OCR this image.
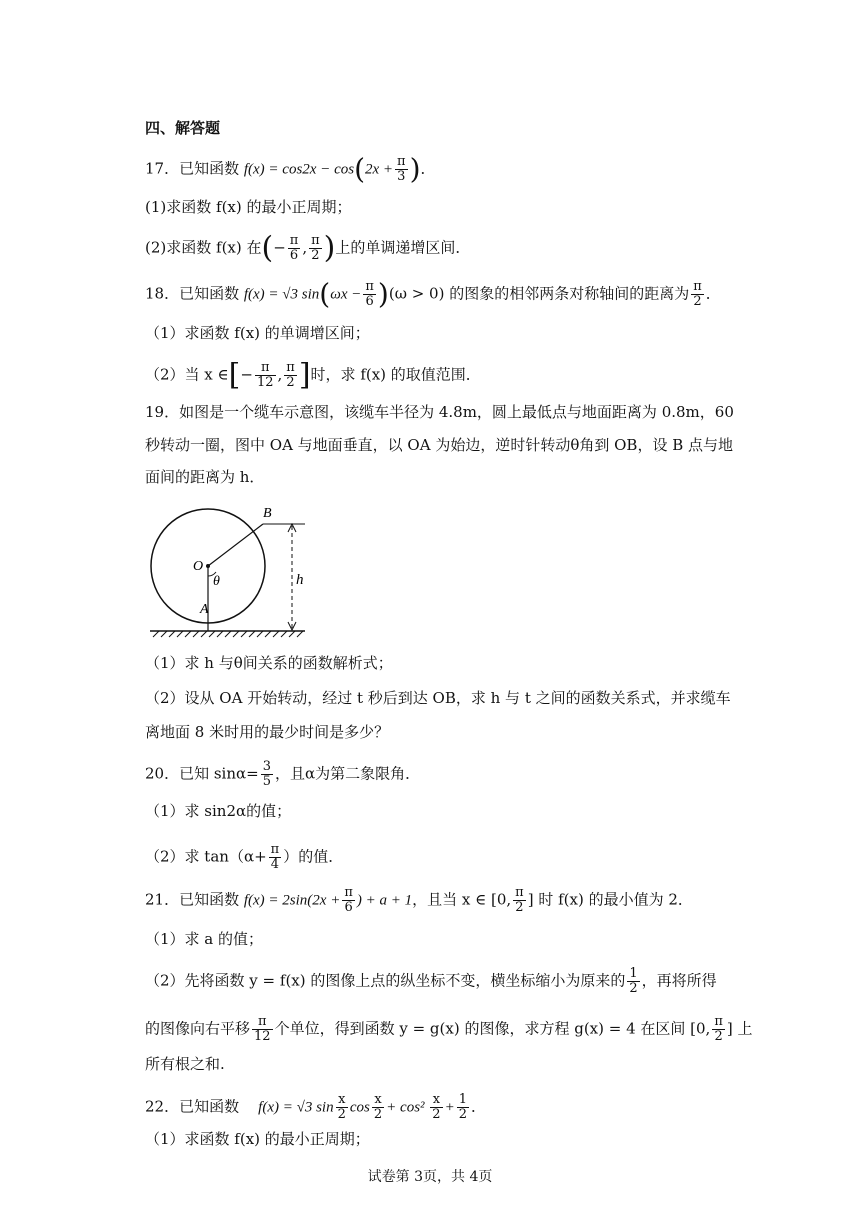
四、解答题
17．已知函数 $f(x) = \cos 2x - \cos(2x + \frac{\pi}{3}$ )．
(1)求函数 f(x) 的最小正周期；
(2)求函数 f(x) 在(− $\frac{\pi}{6}$ , $\frac{\pi}{2}$ )上的单调递增区间．
18．已知函数 f(x) = √3 $\sin(\omega x - \frac{\pi}{6} )(\omega > 0)$ 的图象的相邻两条对称轴间的距离为 $\frac{\pi}{2}$ ．
（1）求函数 f(x) 的单调增区间；
（2）当 x ∈[− $\frac{\pi}{12}$ , $\frac{\pi}{2}$ ]时，求 f(x) 的取值范围．
19．如图是一个缆车示意图，该缆车半径为 4.8m，圆上最低点与地面距离为 0.8m，60
秒转动一圈，图中 OA 与地面垂直，以 OA 为始边，逆时针转动θ角到 OB，设 B 点与地
面间的距离为 h．
B
O
θ	h
A
（1）求 h 与θ间关系的函数解析式；
（2）设从 OA 开始转动，经过 t 秒后到达 OB，求 h 与 t 之间的函数关系式，并求缆车
离地面 8 米时用的最少时间是多少？
20．已知 $\sin\alpha= \frac{3}{5}$ ，且α为第二象限角．
（1）求 sin2α的值；
（2）求 $\tan(\alpha+ \frac{\pi}{4}$ ）的值．
21．已知函数 $f(x) = 2\sin(2x + \frac{\pi}{6}$ ) + a + 1，且当 x ∈ [0, $\frac{\pi}{2}$ ] 时 f(x) 的最小值为 2．
（1）求 a 的值；
（2）先将函数 y = f(x) 的图像上点的纵坐标不变，横坐标缩小为原来的 $\frac{1}{2}$ ，再将所得
的图像向右平移 $\frac{\pi}{12}$ 个单位，得到函数 y = g(x) 的图像，求方程 g(x) = 4 在区间 [0, $\frac{\pi}{2}$ ] 上
所有根之和.
22．已知函数 f(x) = √3 $\sin \frac{x}{2}$ $\cos \frac{x}{2} + \cos^2 \frac{x}{2} + \frac{1}{2}$ ．
（1）求函数 f(x) 的最小正周期；
试卷第 3页，共 4页
